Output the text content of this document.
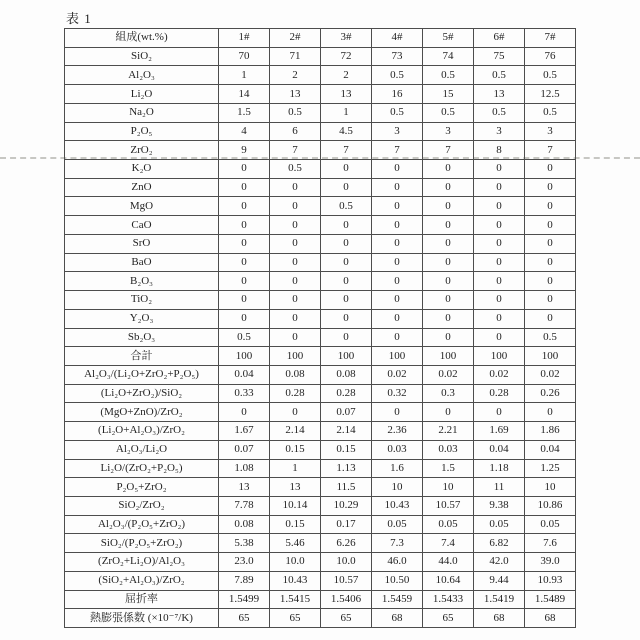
表 1
組成(wt.%)	1#	2#	3#	4#	5#	6#	7#
SiO₂	70	71	72	73	74	75	76
Al₂O₃	1	2	2	0.5	0.5	0.5	0.5
Li₂O	14	13	13	16	15	13	12.5
Na₂O	1.5	0.5	1	0.5	0.5	0.5	0.5
P₂O₅	4	6	4.5	3	3	3	3
ZrO₂	9	7	7	7	7	8	7
K₂O	0	0.5	0	0	0	0	0
ZnO	0	0	0	0	0	0	0
MgO	0	0	0.5	0	0	0	0
CaO	0	0	0	0	0	0	0
SrO	0	0	0	0	0	0	0
BaO	0	0	0	0	0	0	0
B₂O₃	0	0	0	0	0	0	0
TiO₂	0	0	0	0	0	0	0
Y₂O₃	0	0	0	0	0	0	0
Sb₂O₃	0.5	0	0	0	0	0	0.5
合計	100	100	100	100	100	100	100
Al₂O₃/(Li₂O+ZrO₂+P₂O₅)	0.04	0.08	0.08	0.02	0.02	0.02	0.02
(Li₂O+ZrO₂)/SiO₂	0.33	0.28	0.28	0.32	0.3	0.28	0.26
(MgO+ZnO)/ZrO₂	0	0	0.07	0	0	0	0
(Li₂O+Al₂O₃)/ZrO₂	1.67	2.14	2.14	2.36	2.21	1.69	1.86
Al₂O₃/Li₂O	0.07	0.15	0.15	0.03	0.03	0.04	0.04
Li₂O/(ZrO₂+P₂O₅)	1.08	1	1.13	1.6	1.5	1.18	1.25
P₂O₅+ZrO₂	13	13	11.5	10	10	11	10
SiO₂/ZrO₂	7.78	10.14	10.29	10.43	10.57	9.38	10.86
Al₂O₃/(P₂O₅+ZrO₂)	0.08	0.15	0.17	0.05	0.05	0.05	0.05
SiO₂/(P₂O₅+ZrO₂)	5.38	5.46	6.26	7.3	7.4	6.82	7.6
(ZrO₂+Li₂O)/Al₂O₃	23.0	10.0	10.0	46.0	44.0	42.0	39.0
(SiO₂+Al₂O₃)/ZrO₂	7.89	10.43	10.57	10.50	10.64	9.44	10.93
屈折率	1.5499	1.5415	1.5406	1.5459	1.5433	1.5419	1.5489
熱膨張係数 (×10⁻⁷/K)	65	65	65	68	65	68	68
